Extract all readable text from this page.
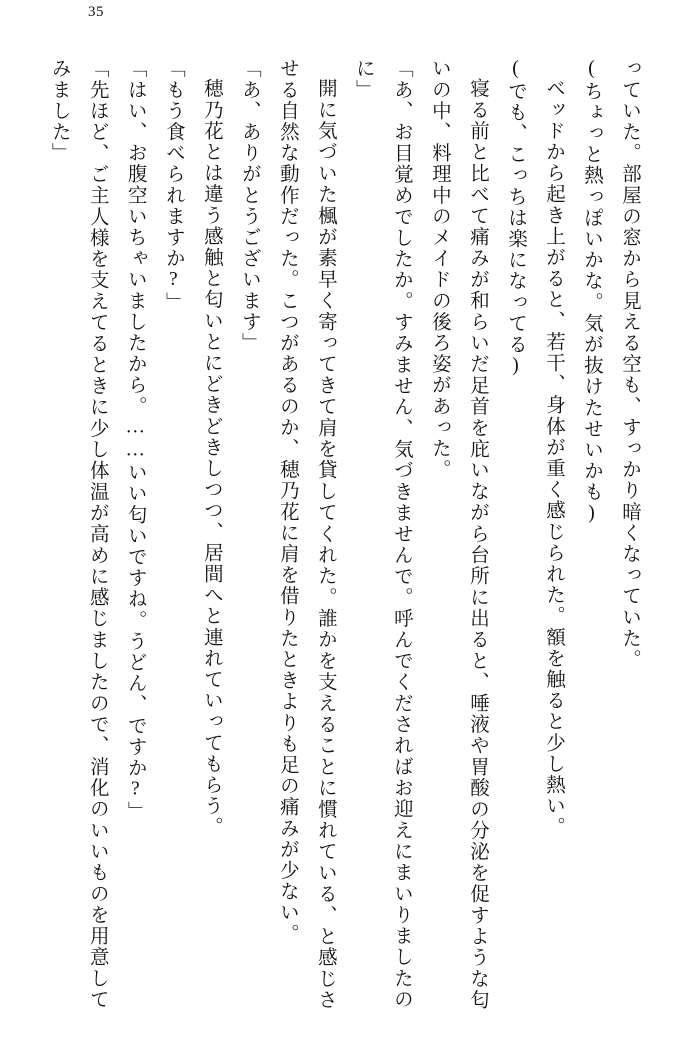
35

っていた。部屋の窓から見える空も、すっかり暗くなっていた。

(ちょっと熱っぽいかな。気が抜けたせいかも)

ベッドから起き上がると、若干、身体が重く感じられた。額を触ると少し熱い。

(でも、こっちは楽になってる)

寝る前と比べて痛みが和らいだ足首を庇いながら台所に出ると、唾液や胃酸の分泌を促すような匂いの中、料理中のメイドの後ろ姿があった。

「あ、お目覚めでしたか。すみません、気づきませんで。呼んでくださればお迎えにまいりましたのに」

開に気づいた楓が素早く寄ってきて肩を貸してくれた。誰かを支えることに慣れている、と感じさせる自然な動作だった。こつがあるのか、穂乃花に肩を借りたときよりも足の痛みが少ない。

「あ、ありがとうございます」

穂乃花とは違う感触と匂いとにどきどきしつつ、居間へと連れていってもらう。

「もう食べられますか?」

「はい、お腹空いちゃいましたから。……いい匂いですね。うどん、ですか?」

「先ほど、ご主人様を支えてるときに少し体温が高めに感じましたので、消化のいいものを用意してみました」
